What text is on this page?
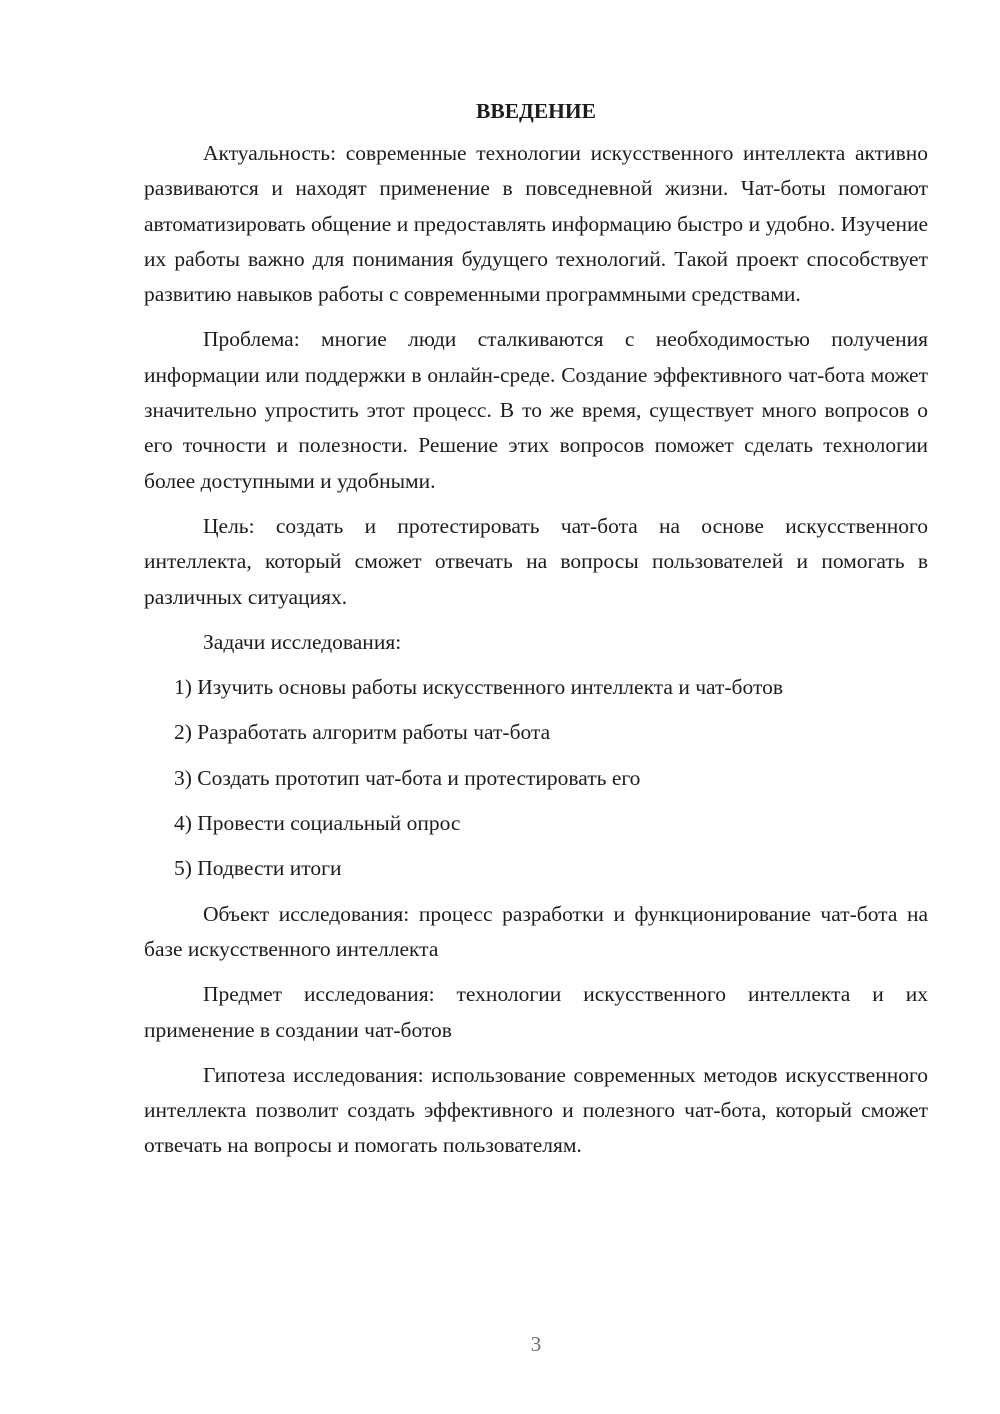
ВВЕДЕНИЕ

Актуальность: современные технологии искусственного интеллекта активно развиваются и находят применение в повседневной жизни. Чат-боты помогают автоматизировать общение и предоставлять информацию быстро и удобно. Изучение их работы важно для понимания будущего технологий. Такой проект способствует развитию навыков работы с современными программными средствами.

Проблема: многие люди сталкиваются с необходимостью получения информации или поддержки в онлайн-среде. Создание эффективного чат-бота может значительно упростить этот процесс. В то же время, существует много вопросов о его точности и полезности. Решение этих вопросов поможет сделать технологии более доступными и удобными.

Цель: создать и протестировать чат-бота на основе искусственного интеллекта, который сможет отвечать на вопросы пользователей и помогать в различных ситуациях.

Задачи исследования:
1) Изучить основы работы искусственного интеллекта и чат-ботов
2) Разработать алгоритм работы чат-бота
3) Создать прототип чат-бота и протестировать его
4) Провести социальный опрос
5) Подвести итоги

Объект исследования: процесс разработки и функционирование чат-бота на базе искусственного интеллекта

Предмет исследования: технологии искусственного интеллекта и их применение в создании чат-ботов

Гипотеза исследования: использование современных методов искусственного интеллекта позволит создать эффективного и полезного чат-бота, который сможет отвечать на вопросы и помогать пользователям.

3
